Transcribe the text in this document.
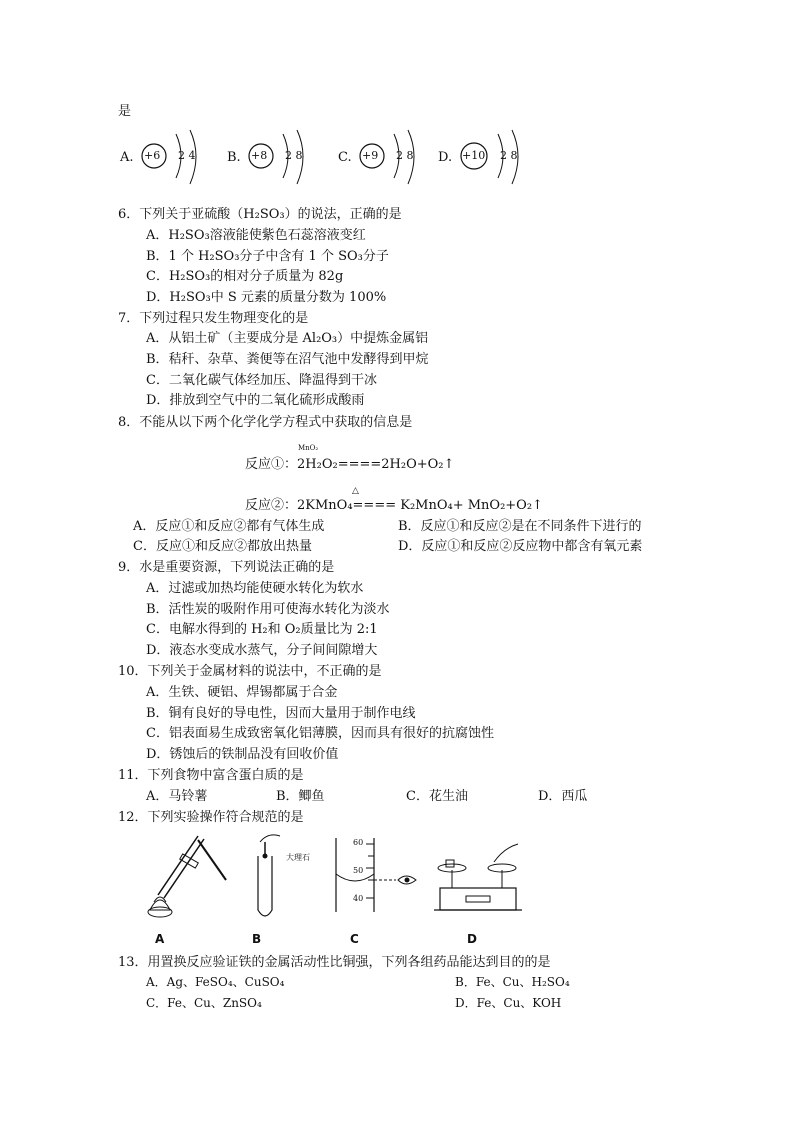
是
A. +6 2 4 B. +8 2 8	C. +9 2 8 D. +10 2 8
6．下列关于亚硫酸（H₂SO₃）的说法，正确的是
A．H₂SO₃溶液能使紫色石蕊溶液变红
B．1 个 H₂SO₃分子中含有 1 个 SO₃分子
C．H₂SO₃的相对分子质量为 82g
D．H₂SO₃中 S 元素的质量分数为 100%
7．下列过程只发生物理变化的是
A．从铝土矿（主要成分是 Al₂O₃）中提炼金属铝
B．秸秆、杂草、粪便等在沼气池中发酵得到甲烷
C．二氧化碳气体经加压、降温得到干冰
D．排放到空气中的二氧化硫形成酸雨
8．不能从以下两个化学化学方程式中获取的信息是
MnO₂
反应①：2H₂O₂====2H₂O+O₂↑
△
反应②：2KMnO₄==== K₂MnO₄+ MnO₂+O₂↑
A．反应①和反应②都有气体生成	B．反应①和反应②是在不同条件下进行的
C．反应①和反应②都放出热量	D．反应①和反应②反应物中都含有氧元素
9．水是重要资源，下列说法正确的是
A．过滤或加热均能使硬水转化为软水
B．活性炭的吸附作用可使海水转化为淡水
C．电解水得到的 H₂和 O₂质量比为 2:1
D．液态水变成水蒸气，分子间间隙增大
10．下列关于金属材料的说法中，不正确的是
A．生铁、硬铝、焊锡都属于合金
B．铜有良好的导电性，因而大量用于制作电线
C．铝表面易生成致密氧化铝薄膜，因而具有很好的抗腐蚀性
D．锈蚀后的铁制品没有回收价值
11．下列食物中富含蛋白质的是
A．马铃薯	B．鲫鱼	C．花生油	D．西瓜
12．下列实验操作符合规范的是
A
大理石
B
60
50
40
C	D
13．用置换反应验证铁的金属活动性比铜强，下列各组药品能达到目的的是
A．Ag、FeSO₄、CuSO₄	B．Fe、Cu、H₂SO₄
C．Fe、Cu、ZnSO₄	D．Fe、Cu、KOH
